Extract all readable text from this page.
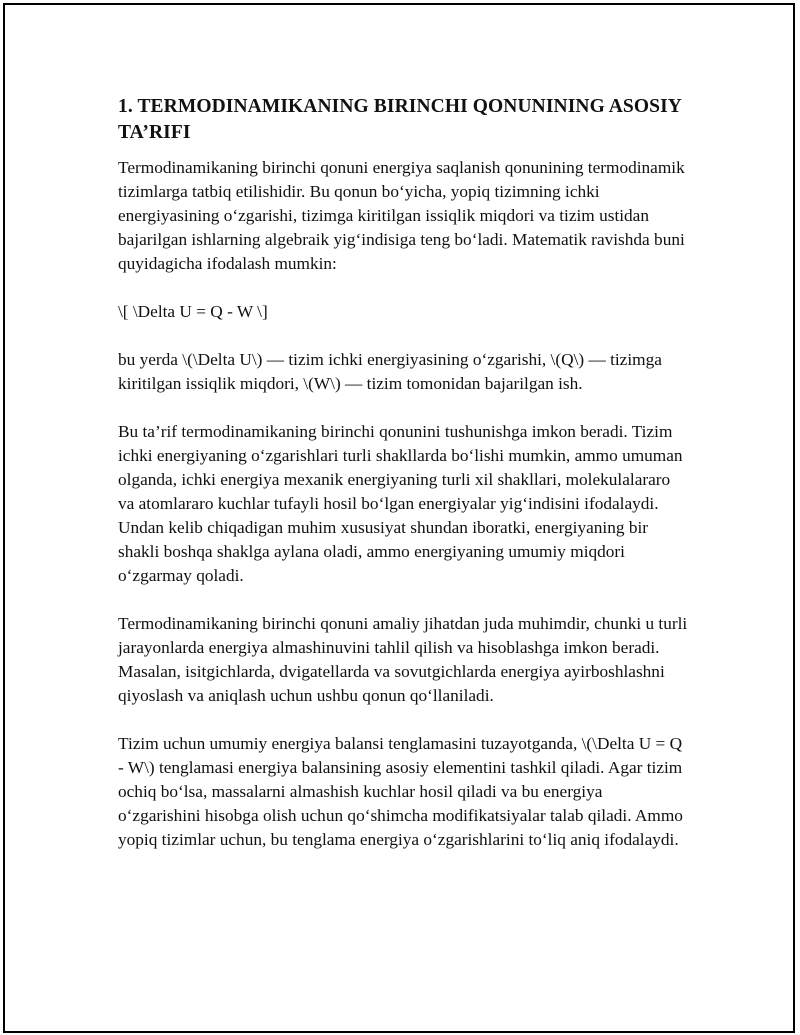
1. TERMODINAMIKANING BIRINCHI QONUNINING ASOSIY TA’RIFI

Termodinamikaning birinchi qonuni energiya saqlanish qonunining termodinamik tizimlarga tatbiq etilishidir. Bu qonun bo‘yicha, yopiq tizimning ichki energiyasining o‘zgarishi, tizimga kiritilgan issiqlik miqdori va tizim ustidan bajarilgan ishlarning algebraik yig‘indisiga teng bo‘ladi. Matematik ravishda buni quyidagicha ifodalash mumkin:

\[ \Delta U = Q - W \]

bu yerda \(\Delta U\) — tizim ichki energiyasining o‘zgarishi, \(Q\) — tizimga kiritilgan issiqlik miqdori, \(W\) — tizim tomonidan bajarilgan ish.

Bu ta’rif termodinamikaning birinchi qonunini tushunishga imkon beradi. Tizim ichki energiyaning o‘zgarishlari turli shakllarda bo‘lishi mumkin, ammo umuman olganda, ichki energiya mexanik energiyaning turli xil shakllari, molekulalararo va atomlararo kuchlar tufayli hosil bo‘lgan energiyalar yig‘indisini ifodalaydi. Undan kelib chiqadigan muhim xususiyat shundan iboratki, energiyaning bir shakli boshqa shaklga aylana oladi, ammo energiyaning umumiy miqdori o‘zgarmay qoladi.

Termodinamikaning birinchi qonuni amaliy jihatdan juda muhimdir, chunki u turli jarayonlarda energiya almashinuvini tahlil qilish va hisoblashga imkon beradi. Masalan, isitgichlarda, dvigatellarda va sovutgichlarda energiya ayirboshlashni qiyoslash va aniqlash uchun ushbu qonun qo‘llaniladi.

Tizim uchun umumiy energiya balansi tenglamasini tuzayotganda, \(\Delta U = Q - W\) tenglamasi energiya balansining asosiy elementini tashkil qiladi. Agar tizim ochiq bo‘lsa, massalarni almashish kuchlar hosil qiladi va bu energiya o‘zgarishini hisobga olish uchun qo‘shimcha modifikatsiyalar talab qiladi. Ammo yopiq tizimlar uchun, bu tenglama energiya o‘zgarishlarini to‘liq aniq ifodalaydi.
